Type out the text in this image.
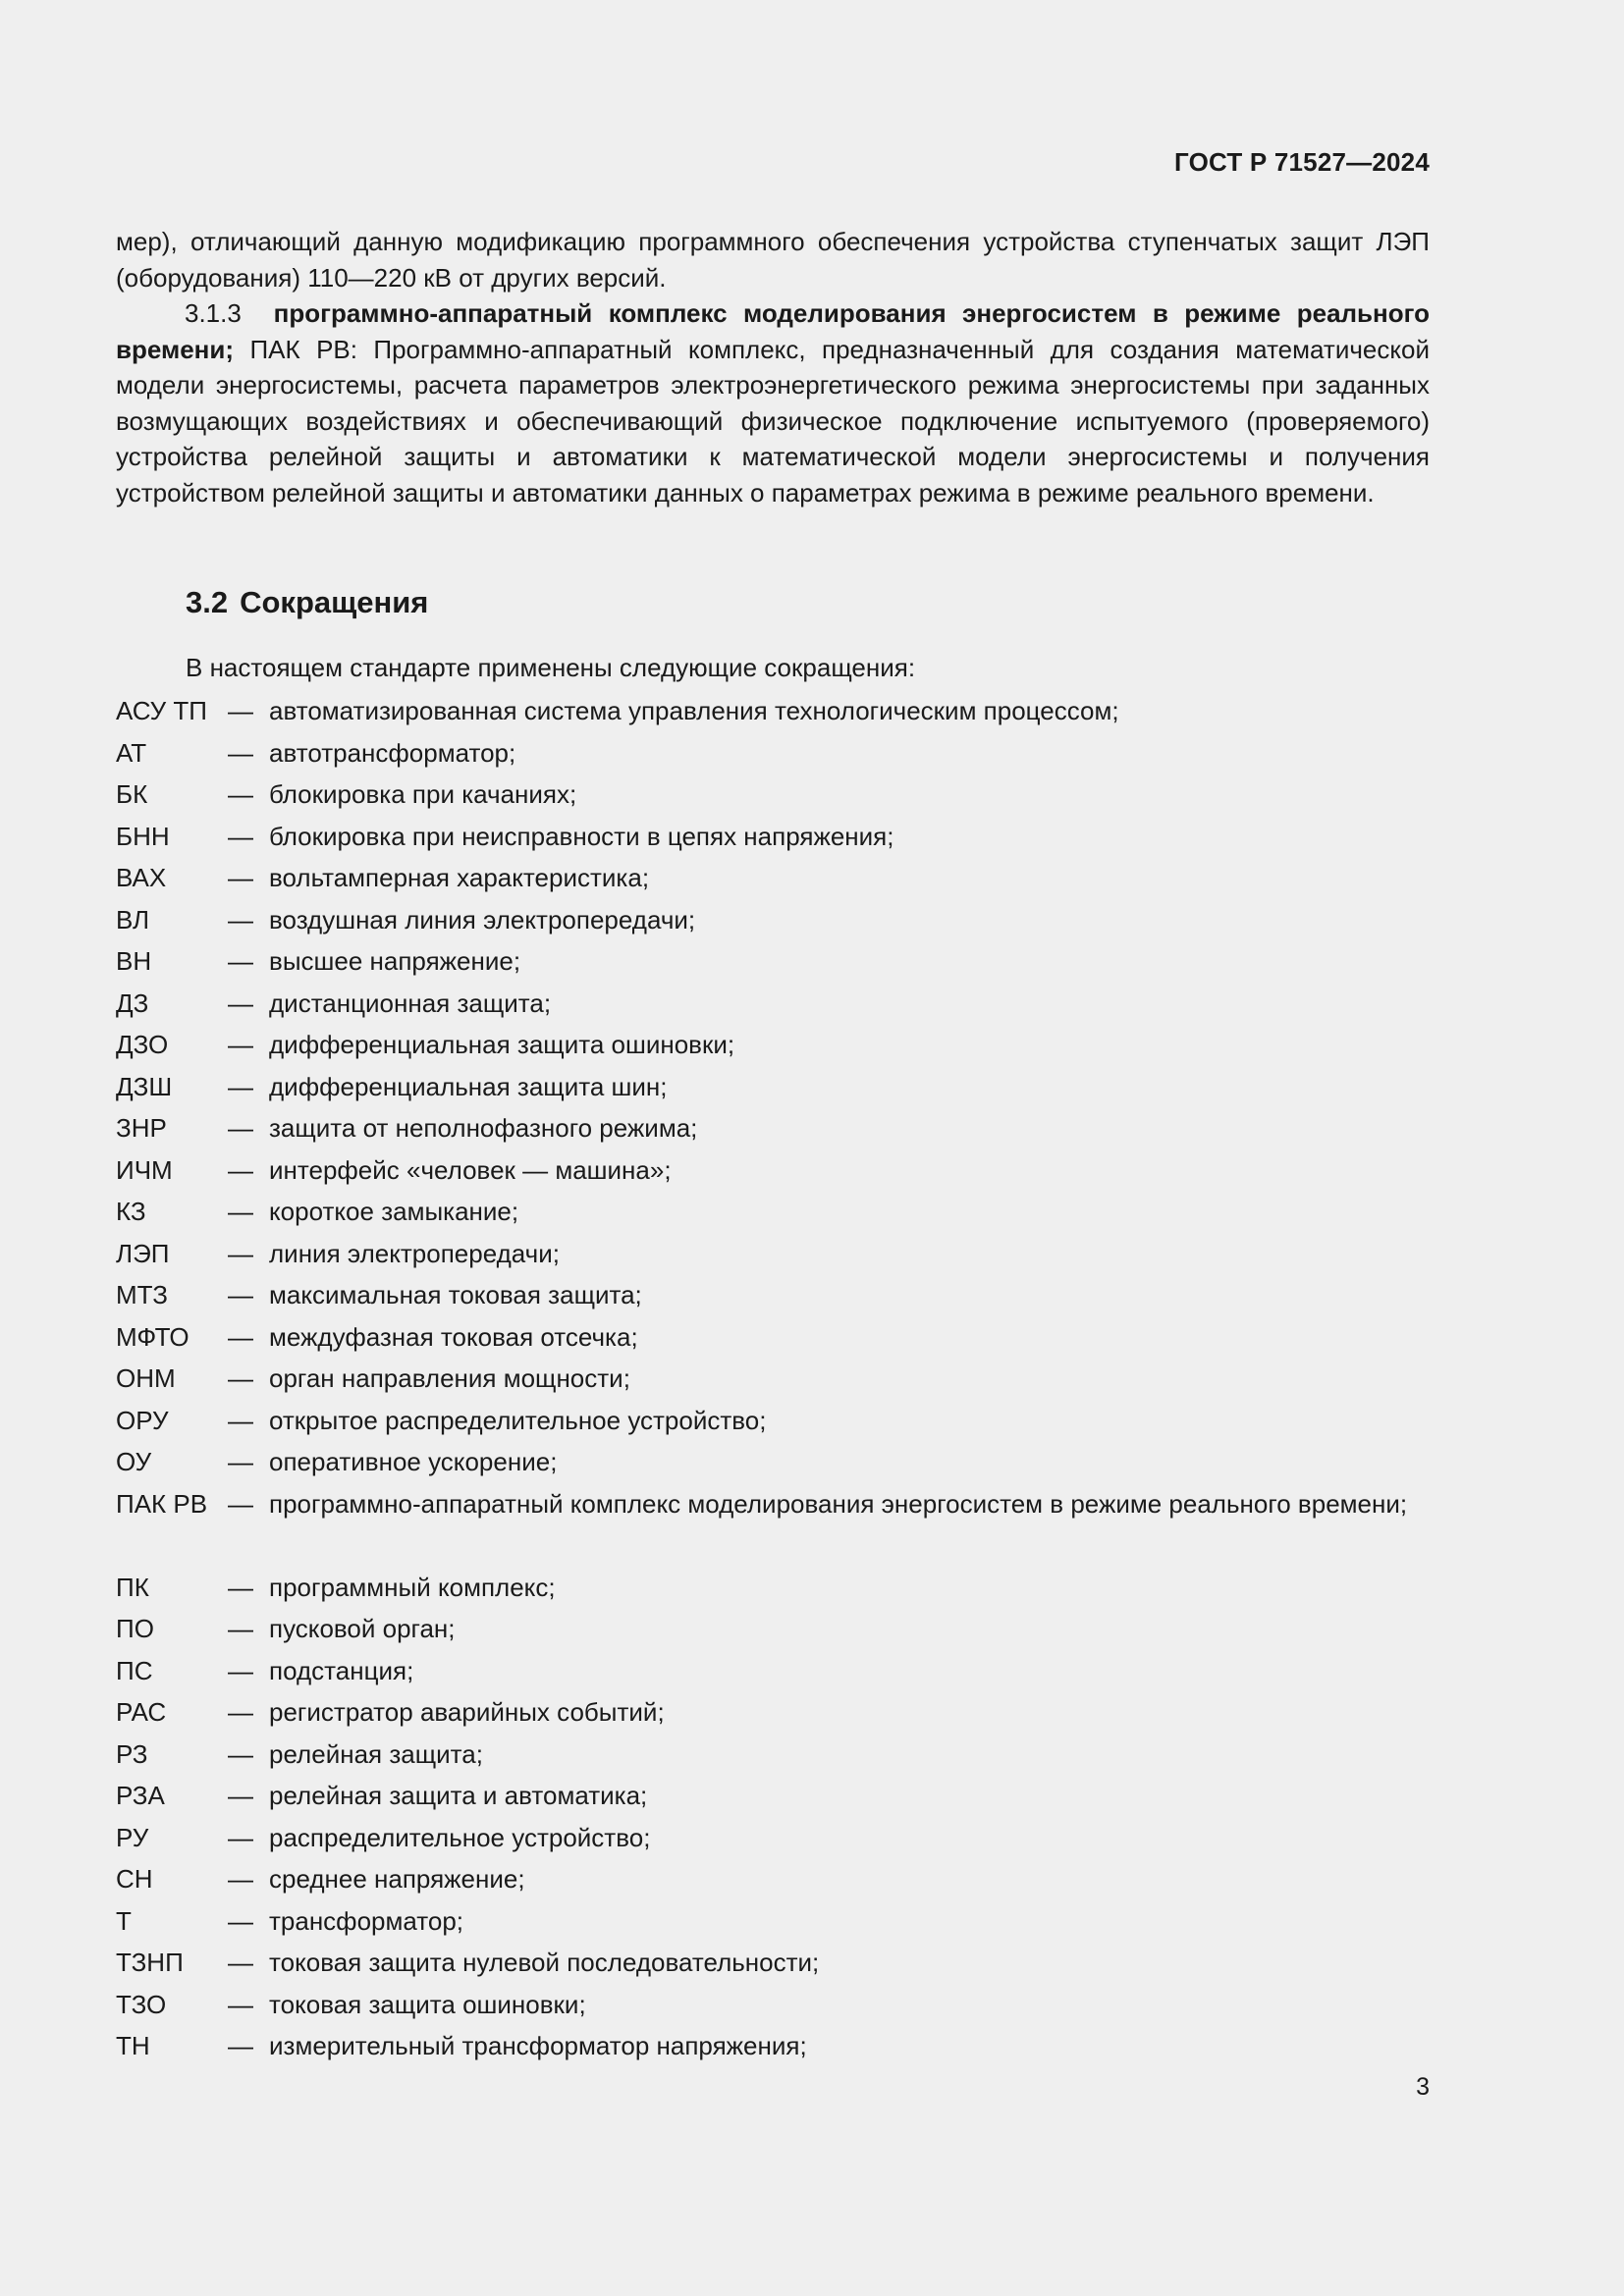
ГОСТ Р 71527—2024

мер), отличающий данную модификацию программного обеспечения устройства ступенчатых защит ЛЭП (оборудования) 110—220 кВ от других версий.

3.1.3 программно-аппаратный комплекс моделирования энергосистем в режиме реального времени; ПАК РВ: Программно-аппаратный комплекс, предназначенный для создания математической модели энергосистемы, расчета параметров электроэнергетического режима энергосистемы при заданных возмущающих воздействиях и обеспечивающий физическое подключение испытуемого (проверяемого) устройства релейной защиты и автоматики к математической модели энергосистемы и получения устройством релейной защиты и автоматики данных о параметрах режима в режиме реального времени.

3.2 Сокращения
В настоящем стандарте применены следующие сокращения:
АСУ ТП — автоматизированная система управления технологическим процессом;
АТ	— автотрансформатор;
БК	— блокировка при качаниях;
БНН	— блокировка при неисправности в цепях напряжения;
ВАХ	— вольтамперная характеристика;
ВЛ	— воздушная линия электропередачи;
ВН	— высшее напряжение;
ДЗ	— дистанционная защита;
ДЗО	— дифференциальная защита ошиновки;
ДЗШ	— дифференциальная защита шин;
ЗНР	— защита от неполнофазного режима;
ИЧМ	— интерфейс «человек — машина»;
КЗ	— короткое замыкание;
ЛЭП	— линия электропередачи;
МТЗ	— максимальная токовая защита;
МФТО	— междуфазная токовая отсечка;
ОНМ	— орган направления мощности;
ОРУ	— открытое распределительное устройство;
ОУ	— оперативное ускорение;
ПАК РВ — программно-аппаратный комплекс моделирования энергосистем в режиме реального времени;
ПК	— программный комплекс;
ПО	— пусковой орган;
ПС	— подстанция;
РАС	— регистратор аварийных событий;
РЗ	— релейная защита;
РЗА	— релейная защита и автоматика;
РУ	— распределительное устройство;
СН	— среднее напряжение;
Т	— трансформатор;
ТЗНП	— токовая защита нулевой последовательности;
ТЗО	— токовая защита ошиновки;
ТН	— измерительный трансформатор напряжения;
3
